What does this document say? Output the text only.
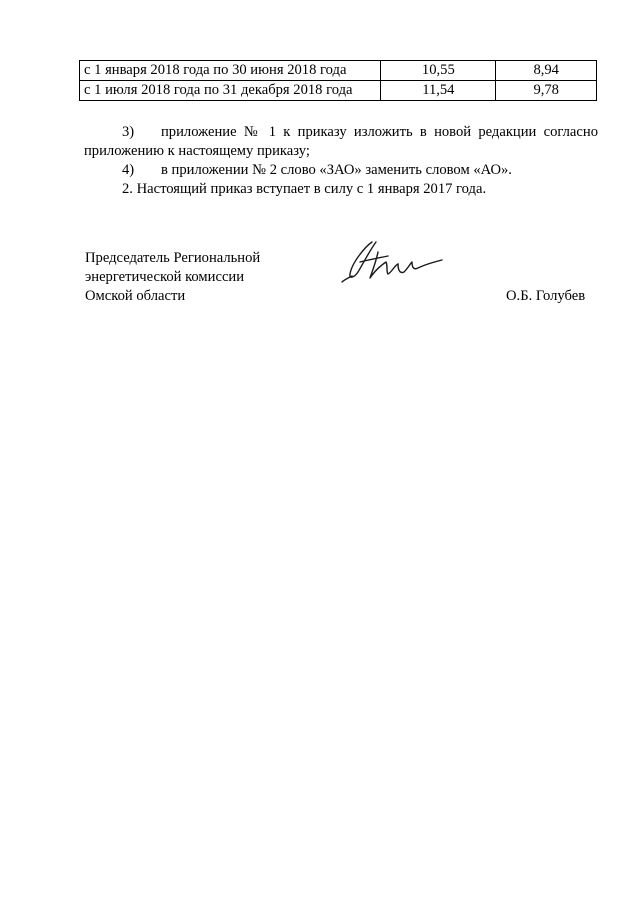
с 1 января 2018 года по 30 июня 2018 года	10,55	8,94
с 1 июля 2018 года по 31 декабря 2018 года	11,54	9,78
3) приложение № 1 к приказу изложить в новой редакции согласно
приложению к настоящему приказу;
4) в приложении № 2 слово «ЗАО» заменить словом «АО».
2. Настоящий приказ вступает в силу с 1 января 2017 года.
Председатель Региональной
энергетической комиссии
Омской области	О.Б. Голубев
